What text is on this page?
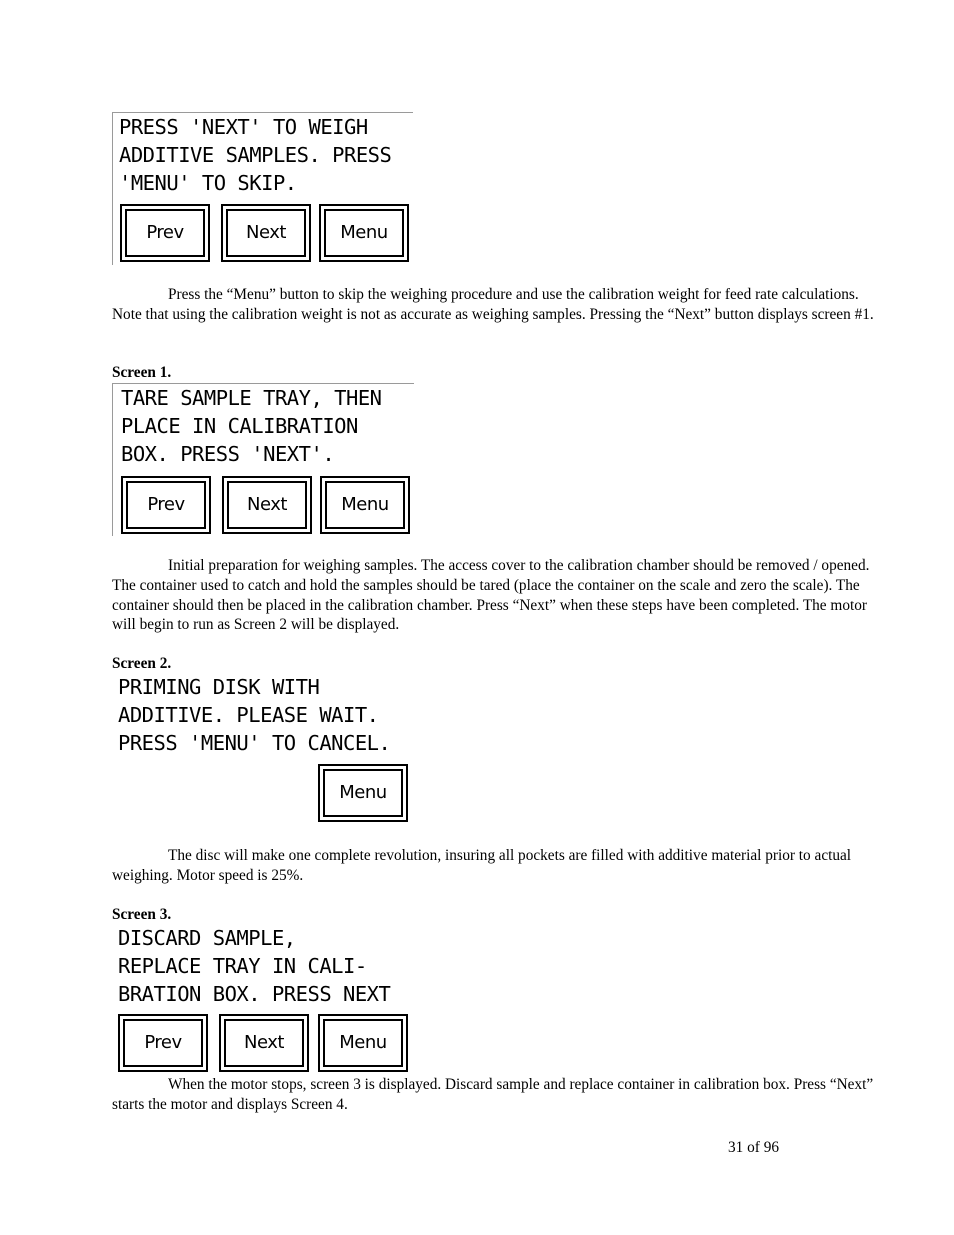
PRESS 'NEXT' TO WEIGH
ADDITIVE SAMPLES. PRESS
'MENU' TO SKIP.
Prev	Next	Menu

Press the “Menu” button to skip the weighing procedure and use the calibration weight for feed rate calculations. Note that using the calibration weight is not as accurate as weighing samples. Pressing the “Next” button displays screen #1.

Screen 1.

TARE SAMPLE TRAY, THEN
PLACE IN CALIBRATION
BOX. PRESS 'NEXT'.
Prev	Next	Menu

Initial preparation for weighing samples. The access cover to the calibration chamber should be removed / opened. The container used to catch and hold the samples should be tared (place the container on the scale and zero the scale). The container should then be placed in the calibration chamber. Press “Next” when these steps have been completed. The motor will begin to run as Screen 2 will be displayed.

Screen 2.

PRIMING DISK WITH
ADDITIVE. PLEASE WAIT.
PRESS 'MENU' TO CANCEL.
Menu

The disc will make one complete revolution, insuring all pockets are filled with additive material prior to actual weighing. Motor speed is 25%.

Screen 3.

DISCARD SAMPLE,
REPLACE TRAY IN CALI-
BRATION BOX. PRESS NEXT
Prev	Next	Menu

When the motor stops, screen 3 is displayed. Discard sample and replace container in calibration box. Press “Next” starts the motor and displays Screen 4.

31 of 96
